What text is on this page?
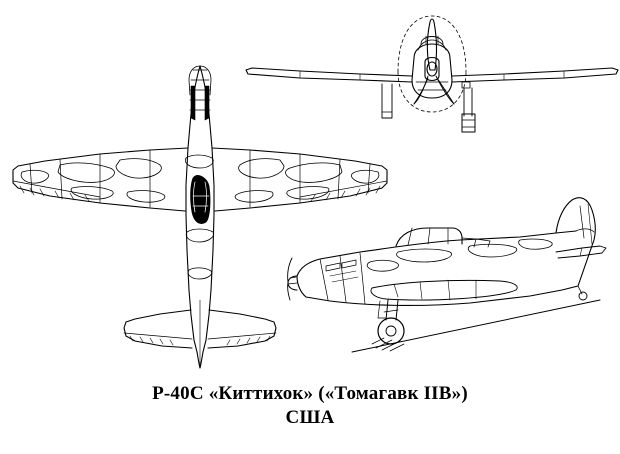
P-40C «Киттихок» («Томагавк IIB»)
США
